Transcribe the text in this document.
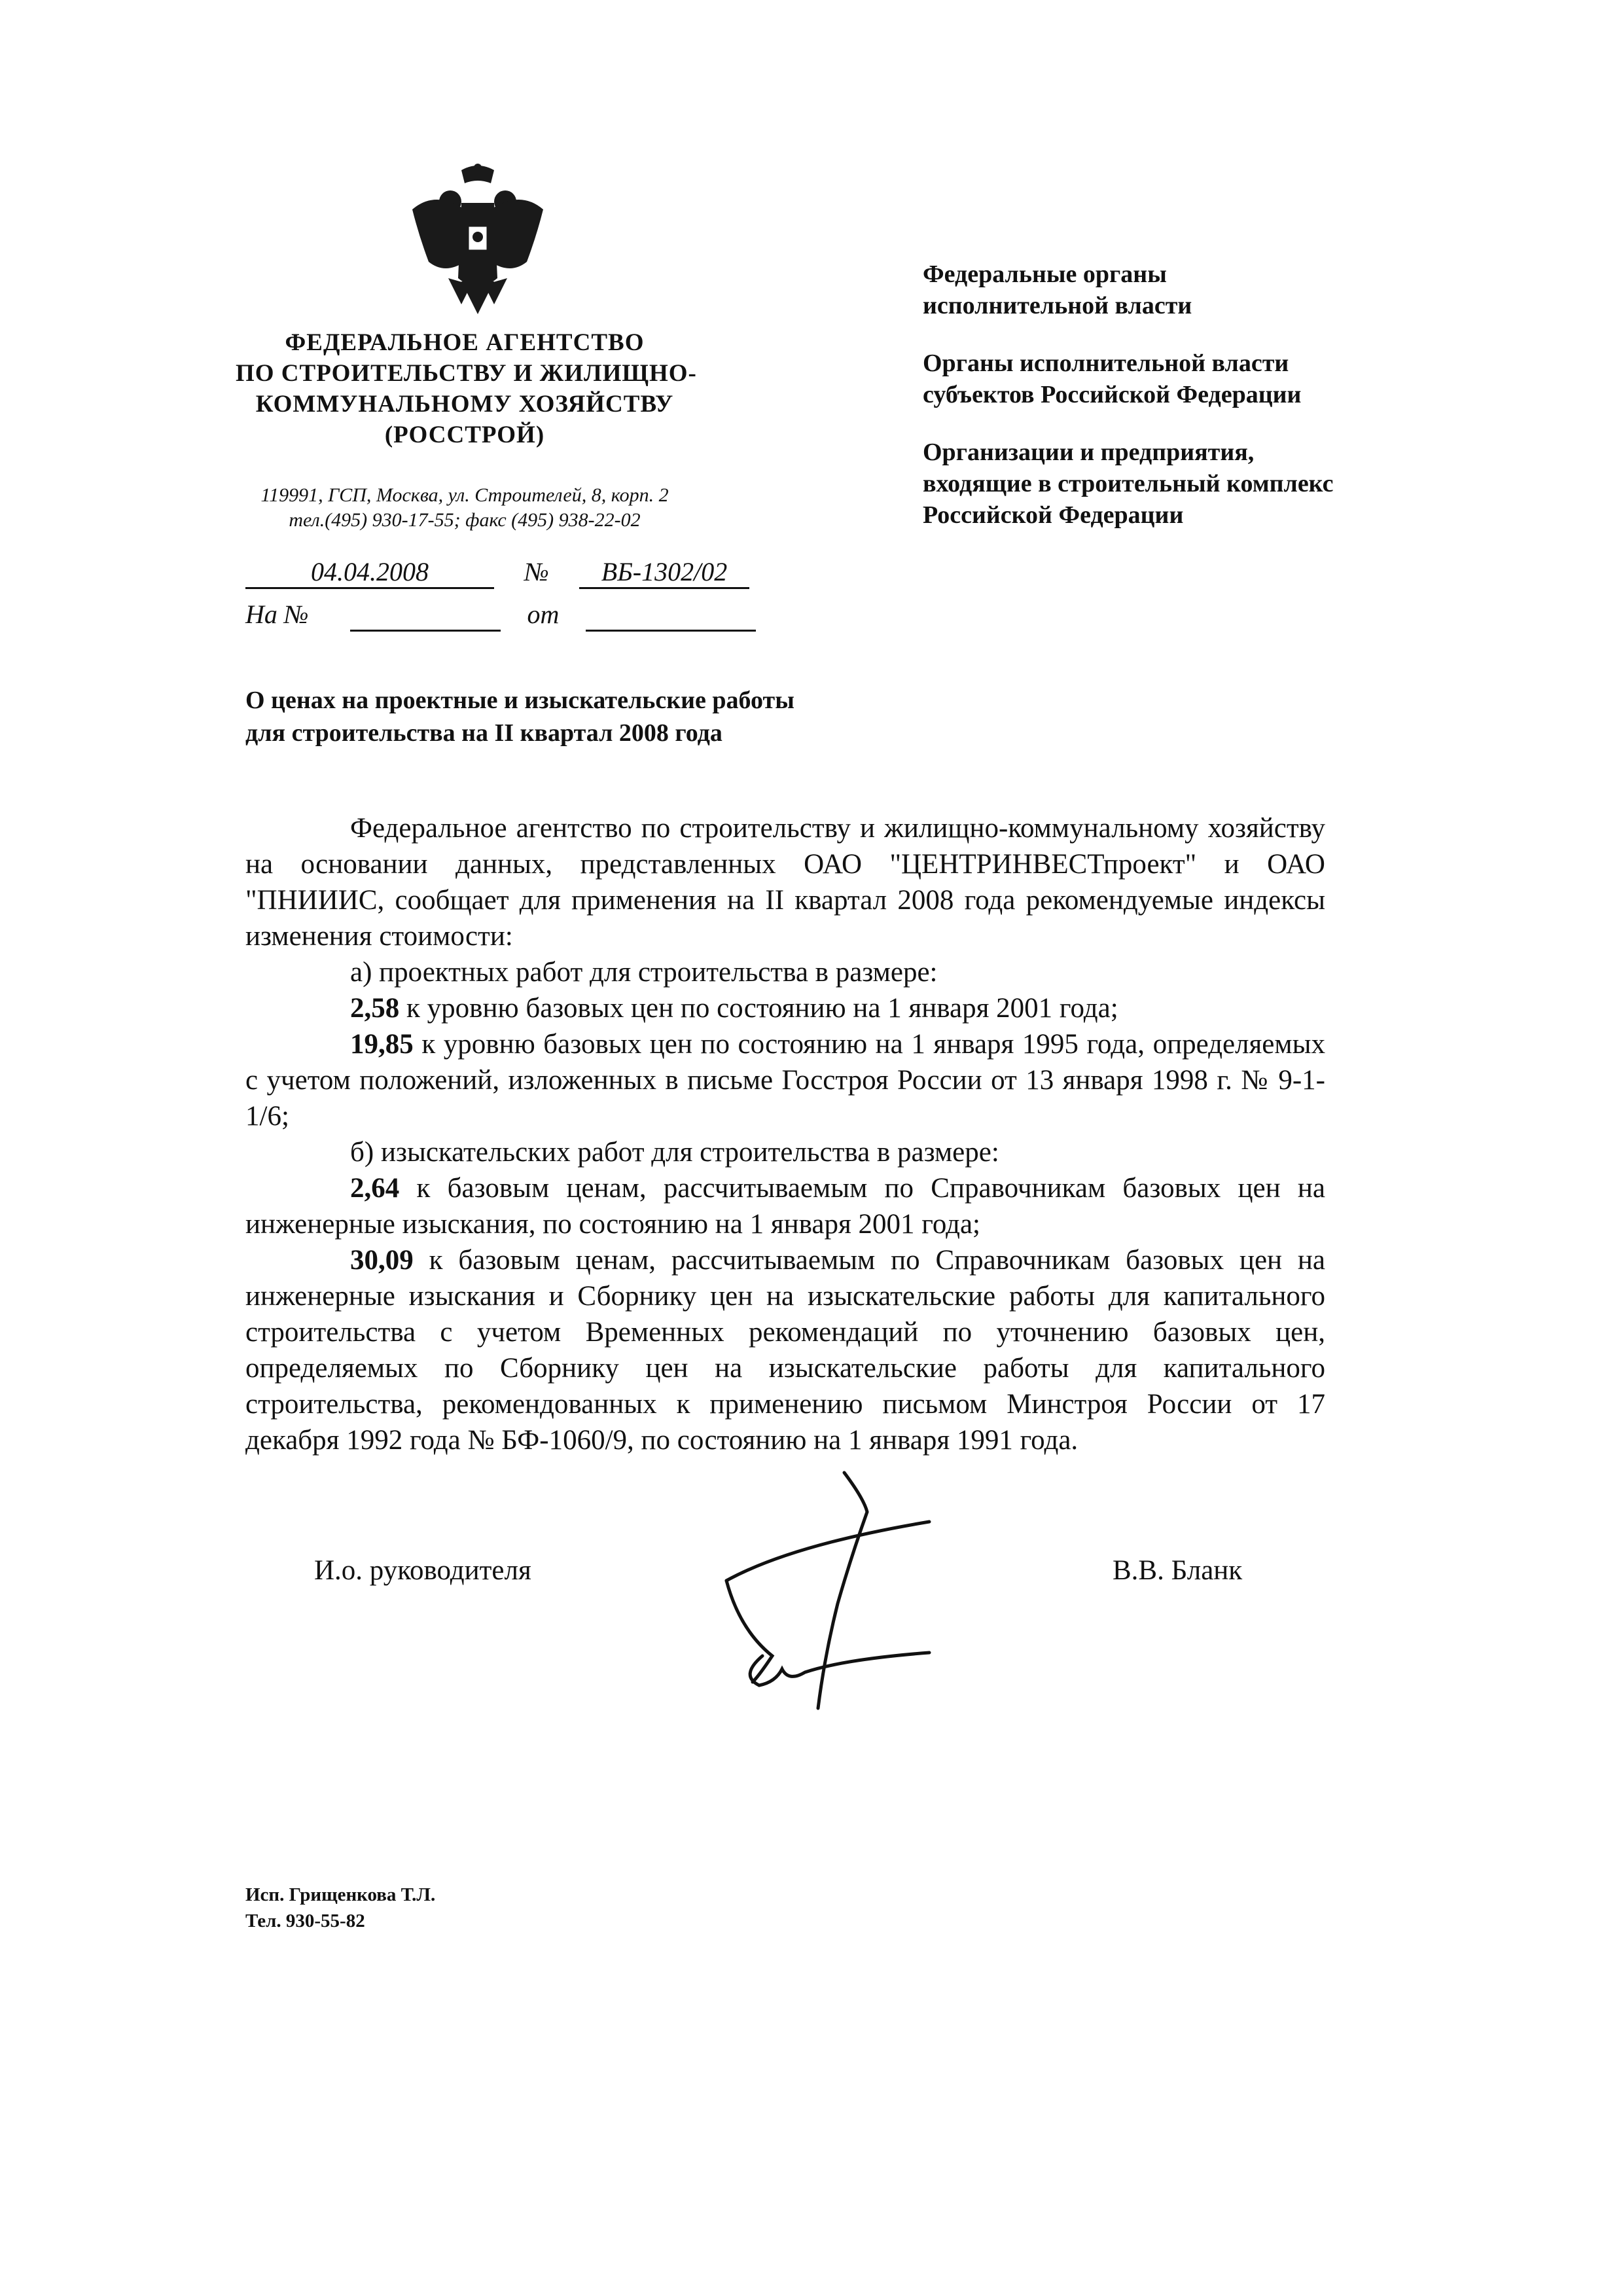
ФЕДЕРАЛЬНОЕ АГЕНТСТВО
ПО СТРОИТЕЛЬСТВУ И ЖИЛИЩНО-
КОММУНАЛЬНОМУ ХОЗЯЙСТВУ
(РОССТРОЙ)
119991, ГСП, Москва, ул. Строителей, 8, корп. 2
тел.(495) 930-17-55; факс (495) 938-22-02
04.04.2008	№ ВБ-1302/02
На №	от
Федеральные органы
исполнительной власти
Органы исполнительной власти
субъектов Российской Федерации
Организации и предприятия,
входящие в строительный комплекс
Российской Федерации
О ценах на проектные и изыскательские работы
для строительства на II квартал 2008 года

Федеральное агентство по строительству и жилищно-коммунальному хозяйству на основании данных, представленных ОАО "ЦЕНТРИНВЕСТпроект" и ОАО "ПНИИИС, сообщает для применения на II квартал 2008 года рекомендуемые индексы изменения стоимости:

а) проектных работ для строительства в размере:

2,58 к уровню базовых цен по состоянию на 1 января 2001 года;

19,85 к уровню базовых цен по состоянию на 1 января 1995 года, определяемых с учетом положений, изложенных в письме Госстроя России от 13 января 1998 г. № 9-1-1/6;

б) изыскательских работ для строительства в размере:

2,64 к базовым ценам, рассчитываемым по Справочникам базовых цен на инженерные изыскания, по состоянию на 1 января 2001 года;

30,09 к базовым ценам, рассчитываемым по Справочникам базовых цен на инженерные изыскания и Сборнику цен на изыскательские работы для капитального строительства с учетом Временных рекомендаций по уточнению базовых цен, определяемых по Сборнику цен на изыскательские работы для капитального строительства, рекомендованных к применению письмом Минстроя России от 17 декабря 1992 года № БФ-1060/9, по состоянию на 1 января 1991 года.

И.о. руководителя	В.В. Бланк
Исп. Грищенкова Т.Л.
Тел. 930-55-82
